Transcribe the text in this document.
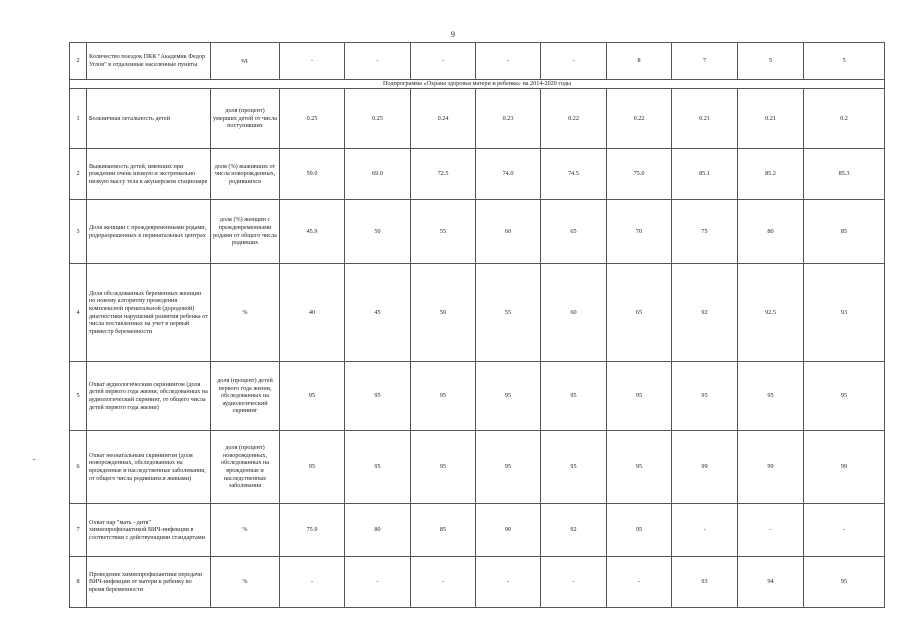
9
2	Количество поездок ПКК "Академик Федор Углов" в отдаленные населенные пункты	ед.	-	-	-	-	-	8	7	5	5
Подпрограмма «Охрана здоровья матери и ребенка» на 2014-2020 годы											
1	Больничная летальность детей	доля (процент) умерших детей от числа поступивших	0.25	0.25	0.24	0.23	0.22	0.22	0.21	0.21	0.2
2	Выживаемость детей, имевших при рождении очень низкую и экстремально низкую массу тела в акушерском стационаре	доля (%) выживших от числа новорожденных, родившихся	59.0	69.0	72.5	74.0	74.5	75.0	85.1	85.2	85.3
3	Доля женщин с преждевременными родами, родоразрешенных в перинатальных центрах	доля (%) женщин с преждевременными родами от общего числа родивших	45.9	50	55	60	65	70	75	80	85
4	Доля обследованных беременных женщин по новому алгоритму проведения комплексной пренатальной (дородовой) диагностики нарушений развития ребенка от числа поставленных на учет в первый триместр беременности	%	40	45	50	55	60	65	92	92.5	93
5	Охват аудиологическим скринингом (доля детей первого года жизни, обследованных на аудиологический скрининг, от общего числа детей первого года жизни)	доля (процент) детей первого года жизни, обследованных на аудиологический скрининг	95	95	95	95	95	95	95	95	95
6	Охват неонатальным скринингом (доля новорожденных, обследованных на врожденные и наследственные заболевания, от общего числа родившихся живыми)	доля (процент) новорожденных, обследованных на врожденные и наследственные заболевания	95	95	95	95	95	95	99	99	99
7	Охват пар "мать - дитя" химиопрофилактикой ВИЧ-инфекции в соответствии с действующими стандартами	%	75.9	80	85	90	92	95	-	-	-
8	Проведение химиопрофилактики передачи ВИЧ-инфекции от матери к ребенку во время беременности	%	-	-	-	-	-	-	93	94	95
